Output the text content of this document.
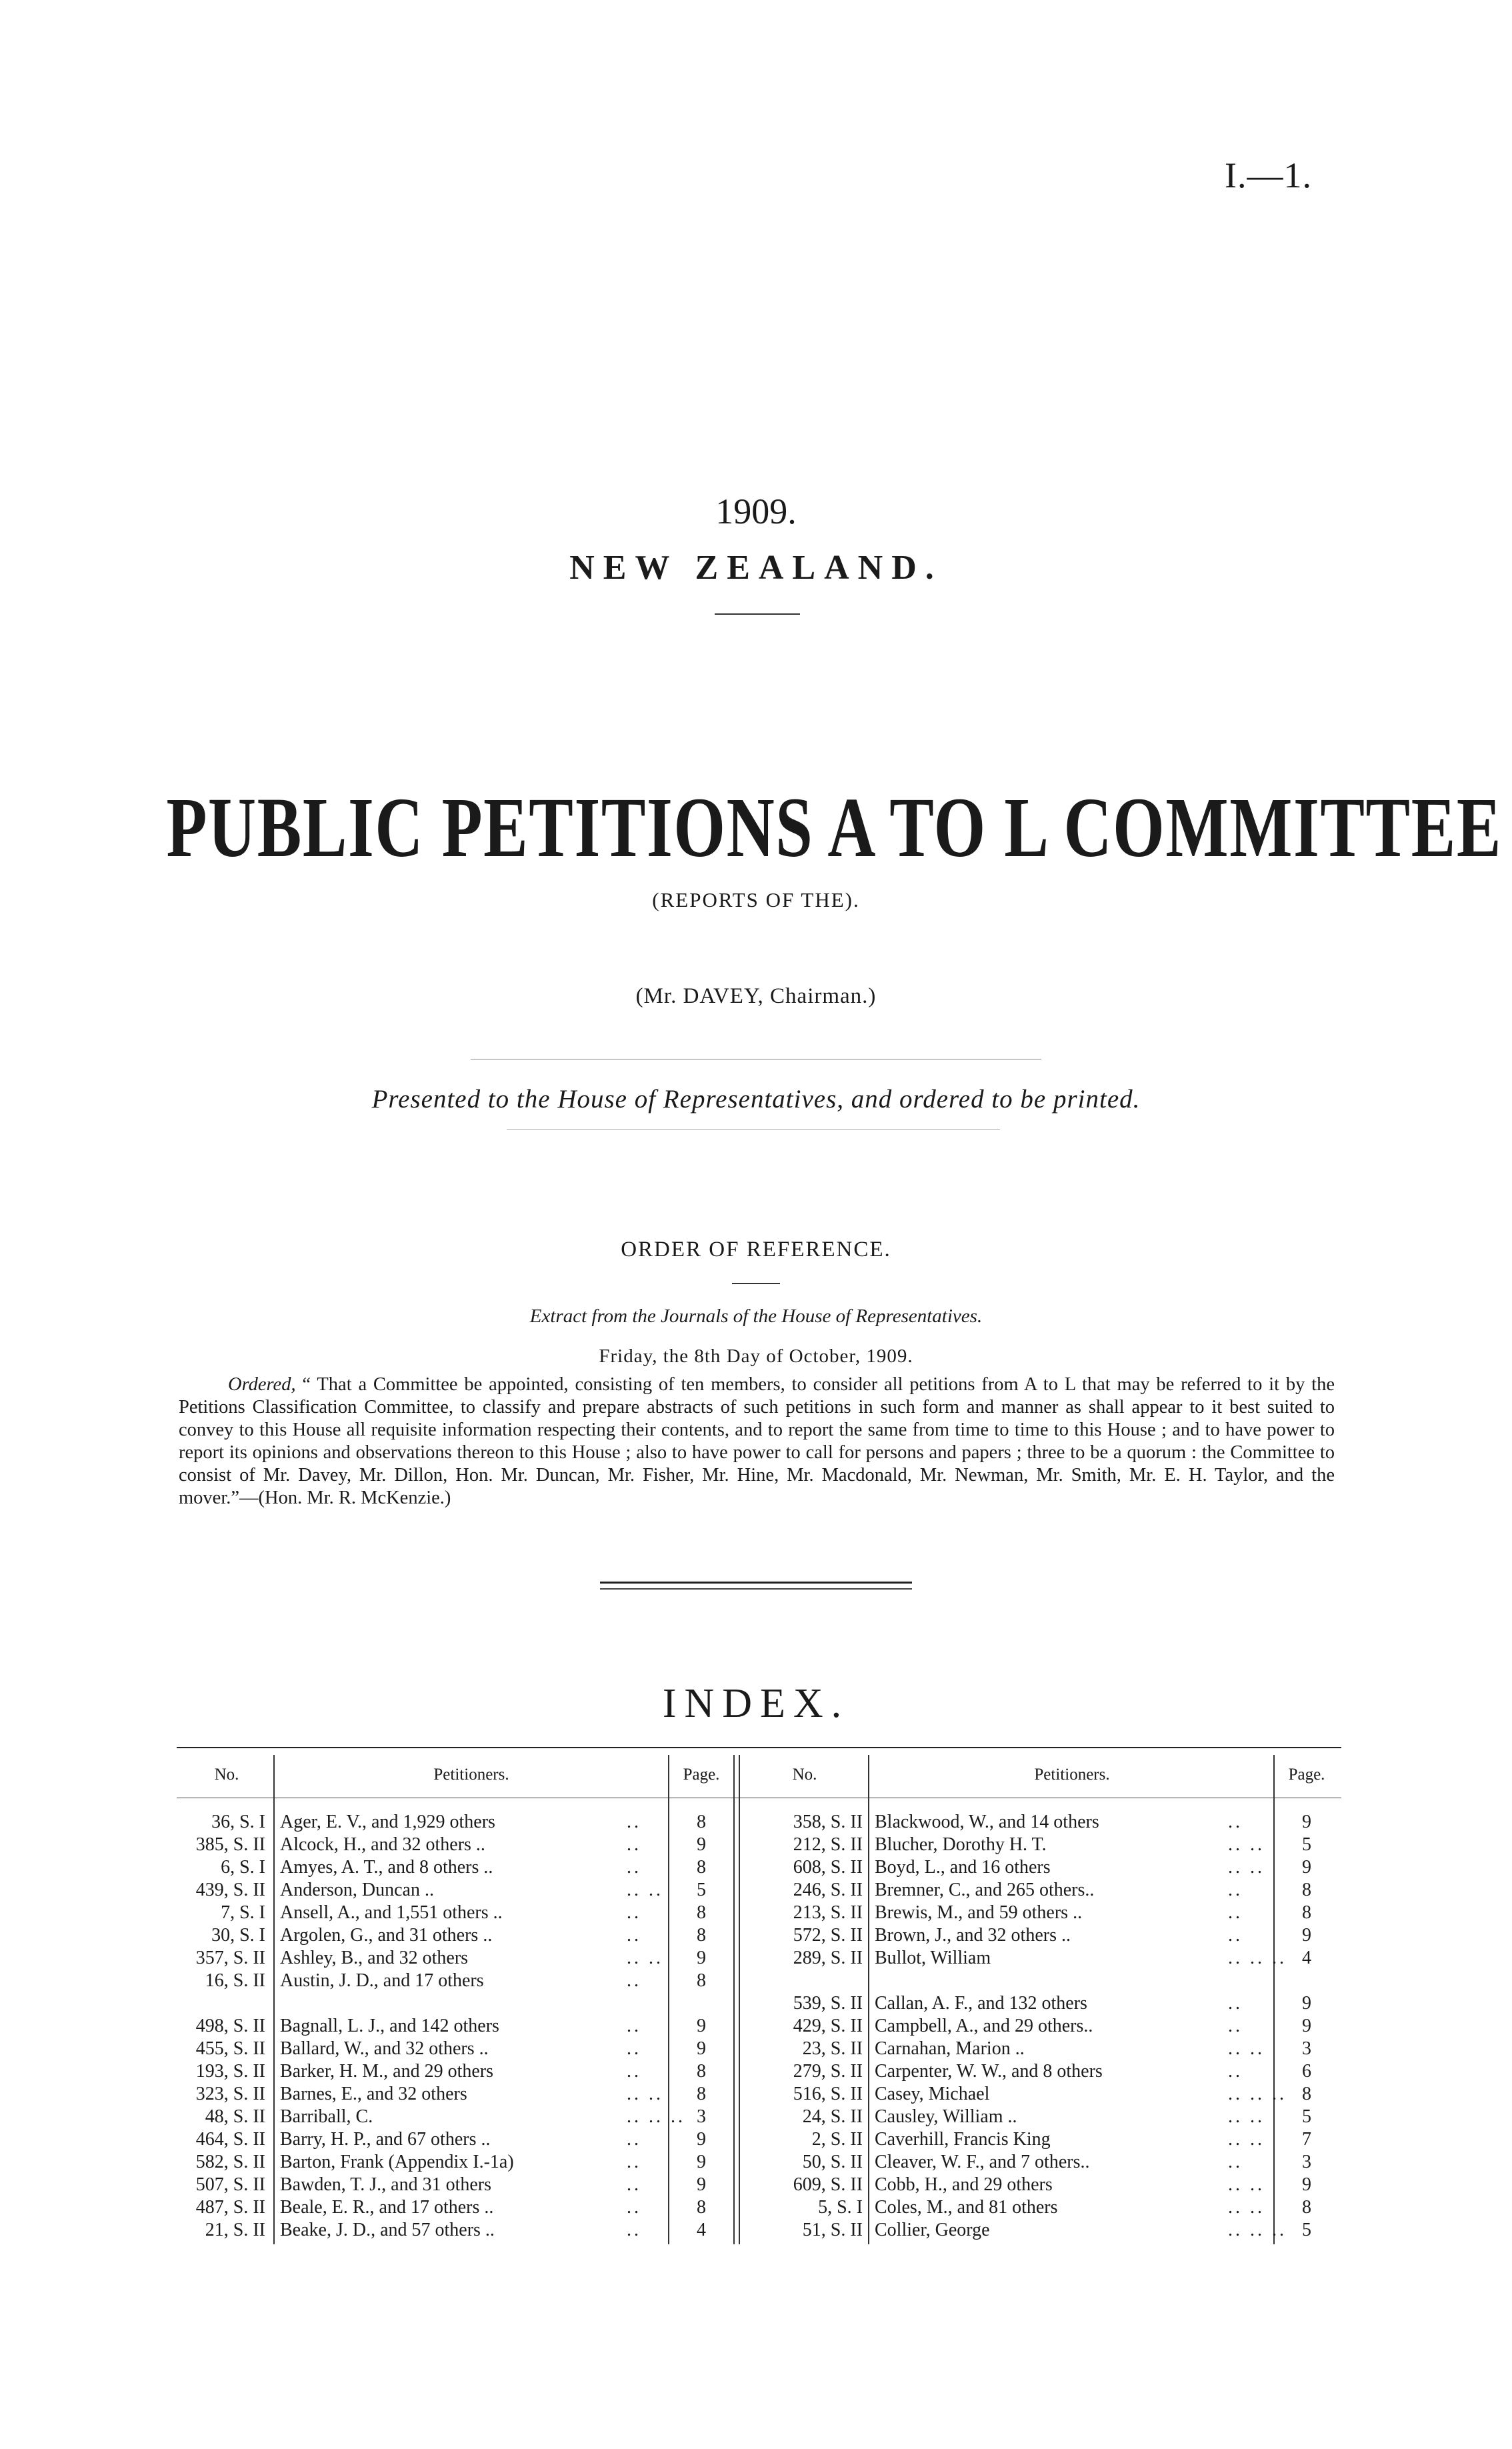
I.—1.
1909.
NEW ZEALAND.
PUBLIC PETITIONS A TO L COMMITTEE
(REPORTS OF THE).
(Mr. DAVEY, Chairman.)
Presented to the House of Representatives, and ordered to be printed.
ORDER OF REFERENCE.
Extract from the Journals of the House of Representatives.
Friday, the 8th Day of October, 1909.
Ordered, “ That a Committee be appointed, consisting of ten members, to consider all petitions from A to L that may be referred to it by the Petitions Classification Committee, to classify and prepare abstracts of such petitions in such form and manner as shall appear to it best suited to convey to this House all requisite information respecting their contents, and to report the same from time to time to this House ; and to have power to report its opinions and observations thereon to this House ; also to have power to call for persons and papers ; three to be a quorum : the Committee to consist of Mr. Davey, Mr. Dillon, Hon. Mr. Duncan, Mr. Fisher, Mr. Hine, Mr. Macdonald, Mr. Newman, Mr. Smith, Mr. E. H. Taylor, and the mover.”—(Hon. Mr. R. McKenzie.)
INDEX.
No.	Petitioners.	Page.	No.	Petitioners.	Page.
36, S. I Ager, E. V., and 1,929 others	..	8
385, S. II Alcock, H., and 32 others ..	..	9
6, S. I Amyes, A. T., and 8 others ..	..	8
439, S. II Anderson, Duncan ..	.. ..	5
7, S. I Ansell, A., and 1,551 others ..	..	8
30, S. I Argolen, G., and 31 others ..	..	8
357, S. II Ashley, B., and 32 others	.. ..	9
16, S. II Austin, J. D., and 17 others	..	8
498, S. II Bagnall, L. J., and 142 others	..	9
455, S. II Ballard, W., and 32 others ..	..	9
193, S. II Barker, H. M., and 29 others	..	8
323, S. II Barnes, E., and 32 others	.. ..	8
48, S. II Barriball, C.	.. .. .. 3
464, S. II Barry, H. P., and 67 others ..	..	9
582, S. II Barton, Frank (Appendix I.-1a)	..	9
507, S. II Bawden, T. J., and 31 others	..	9
487, S. II Beale, E. R., and 17 others ..	..	8
21, S. II Beake, J. D., and 57 others ..	..	4
358, S. II Blackwood, W., and 14 others	..	9
212, S. II Blucher, Dorothy H. T.	.. ..	5
608, S. II Boyd, L., and 16 others	.. ..	9
246, S. II Bremner, C., and 265 others..	..	8
213, S. II Brewis, M., and 59 others ..	..	8
572, S. II Brown, J., and 32 others ..	..	9
289, S. II Bullot, William	.. .. .. 4
539, S. II Callan, A. F., and 132 others	..	9
429, S. II Campbell, A., and 29 others..	..	9
23, S. II Carnahan, Marion ..	.. ..	3
279, S. II Carpenter, W. W., and 8 others	..	6
516, S. II Casey, Michael	.. .. .. 8
24, S. II Causley, William ..	.. ..	5
2, S. II Caverhill, Francis King	.. ..	7
50, S. II Cleaver, W. F., and 7 others..	..	3
609, S. II Cobb, H., and 29 others	.. ..	9
5, S. I Coles, M., and 81 others	.. ..	8
51, S. II Collier, George	.. .. .. 5
